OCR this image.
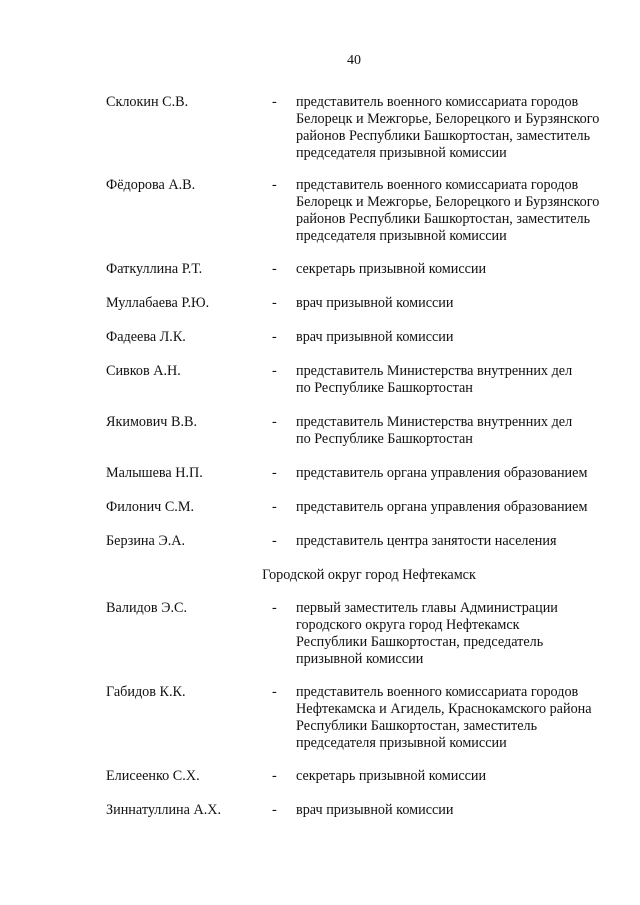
40
Склокин С.В.	- представитель военного комиссариата городов
Белорецк и Межгорье, Белорецкого и Бурзянского
районов Республики Башкортостан, заместитель
председателя призывной комиссии
Фёдорова А.В.	- представитель военного комиссариата городов
Белорецк и Межгорье, Белорецкого и Бурзянского
районов Республики Башкортостан, заместитель
председателя призывной комиссии
Фаткуллина Р.Т.	- секретарь призывной комиссии
Муллабаева Р.Ю.	- врач призывной комиссии
Фадеева Л.К.	- врач призывной комиссии
Сивков А.Н.	- представитель Министерства внутренних дел
по Республике Башкортостан
Якимович В.В.	- представитель Министерства внутренних дел
по Республике Башкортостан
Малышева Н.П.	- представитель органа управления образованием
Филонич С.М.	- представитель органа управления образованием
Берзина Э.А.	- представитель центра занятости населения
Городской округ город Нефтекамск
Валидов Э.С.	- первый заместитель главы Администрации
городского округа город Нефтекамск
Республики Башкортостан, председатель
призывной комиссии
Габидов К.К.	- представитель военного комиссариата городов
Нефтекамска и Агидель, Краснокамского района
Республики Башкортостан, заместитель
председателя призывной комиссии
Елисеенко С.Х.	- секретарь призывной комиссии
Зиннатуллина А.Х.	- врач призывной комиссии
